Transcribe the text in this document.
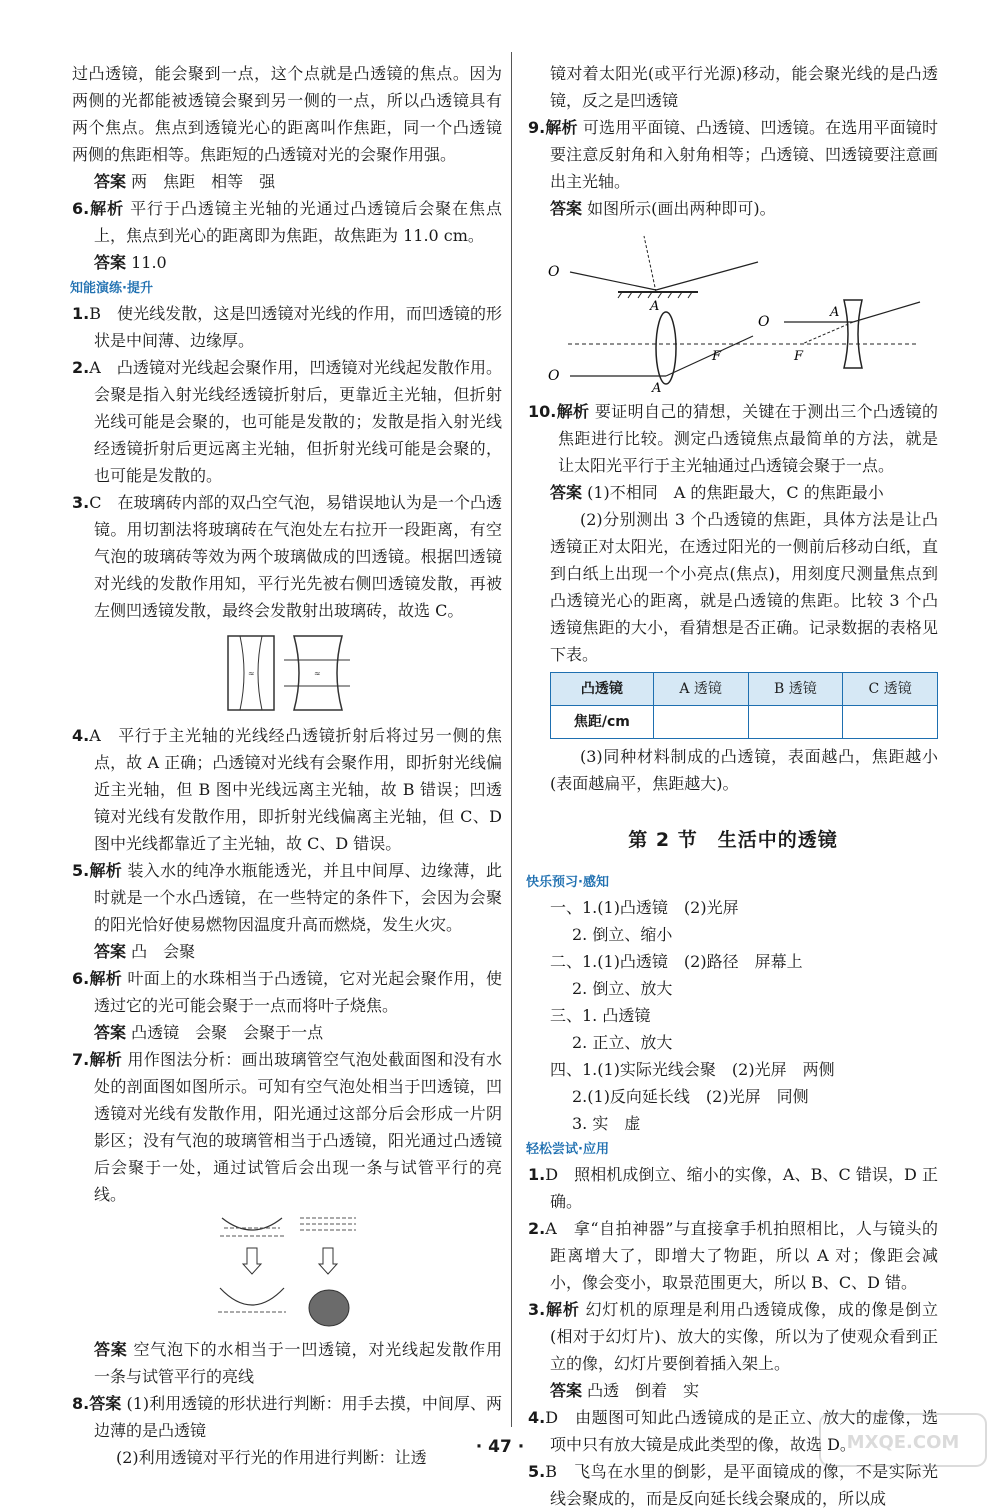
过凸透镜，能会聚到一点，这个点就是凸透镜的焦点。因为两侧的光都能被透镜会聚到另一侧的一点，所以凸透镜具有两个焦点。焦点到透镜光心的距离叫作焦距，同一个凸透镜两侧的焦距相等。焦距短的凸透镜对光的会聚作用强。

答案 两　焦距　相等　强

6.解析 平行于凸透镜主光轴的光通过凸透镜后会聚在焦点上，焦点到光心的距离即为焦距，故焦距为 11.0 cm。

答案 11.0

知能演练·提升

1.B　使光线发散，这是凹透镜对光线的作用，而凹透镜的形状是中间薄、边缘厚。

2.A　凸透镜对光线起会聚作用，凹透镜对光线起发散作用。会聚是指入射光线经透镜折射后，更靠近主光轴，但折射光线可能是会聚的，也可能是发散的；发散是指入射光线经透镜折射后更远离主光轴，但折射光线可能是会聚的，也可能是发散的。

3.C　在玻璃砖内部的双凸空气泡，易错误地认为是一个凸透镜。用切割法将玻璃砖在气泡处左右拉开一段距离，有空气泡的玻璃砖等效为两个玻璃做成的凹透镜。根据凹透镜对光线的发散作用知，平行光先被右侧凹透镜发散，再被左侧凹透镜发散，最终会发散射出玻璃砖，故选 C。

≈	≈

4.A　平行于主光轴的光线经凸透镜折射后将过另一侧的焦点，故 A 正确；凸透镜对光线有会聚作用，即折射光线偏近主光轴，但 B 图中光线远离主光轴，故 B 错误；凹透镜对光线有发散作用，即折射光线偏离主光轴，但 C、D 图中光线都靠近了主光轴，故 C、D 错误。

5.解析 装入水的纯净水瓶能透光，并且中间厚、边缘薄，此时就是一个水凸透镜，在一些特定的条件下，会因为会聚的阳光恰好使易燃物因温度升高而燃烧，发生火灾。

答案 凸　会聚

6.解析 叶面上的水珠相当于凸透镜，它对光起会聚作用，使透过它的光可能会聚于一点而将叶子烧焦。

答案 凸透镜　会聚　会聚于一点

7.解析 用作图法分析：画出玻璃管空气泡处截面图和没有水处的剖面图如图所示。可知有空气泡处相当于凹透镜，凹透镜对光线有发散作用，阳光通过这部分后会形成一片阴影区；没有气泡的玻璃管相当于凸透镜，阳光通过凸透镜后会聚于一处，通过试管后会出现一条与试管平行的亮线。

答案 空气泡下的水相当于一凹透镜，对光线起发散作用　一条与试管平行的亮线

8.答案 (1)利用透镜的形状进行判断：用手去摸，中间厚、两边薄的是凸透镜

(2)利用透镜对平行光的作用进行判断：让透

镜对着太阳光(或平行光源)移动，能会聚光线的是凸透镜，反之是凹透镜

9.解析 可选用平面镜、凸透镜、凹透镜。在选用平面镜时要注意反射角和入射角相等；凸透镜、凹透镜要注意画出主光轴。

答案 如图所示(画出两种即可)。

O
A
O
A
F
O
A
F

10.解析 要证明自己的猜想，关键在于测出三个凸透镜的焦距进行比较。测定凸透镜焦点最简单的方法，就是让太阳光平行于主光轴通过凸透镜会聚于一点。

答案 (1)不相同　A 的焦距最大，C 的焦距最小

(2)分别测出 3 个凸透镜的焦距，具体方法是让凸透镜正对太阳光，在透过阳光的一侧前后移动白纸，直到白纸上出现一个小亮点(焦点)，用刻度尺测量焦点到凸透镜光心的距离，就是凸透镜的焦距。比较 3 个凸透镜焦距的大小，看猜想是否正确。记录数据的表格见下表。

凸透镜	A 透镜	B 透镜	C 透镜
焦距/cm			

(3)同种材料制成的凸透镜，表面越凸，焦距越小(表面越扁平，焦距越大)。

第 2 节　生活中的透镜
快乐预习·感知

一、1.(1)凸透镜　(2)光屏

2. 倒立、缩小

二、1.(1)凸透镜　(2)路径　屏幕上

2. 倒立、放大

三、1. 凸透镜

2. 正立、放大

四、1.(1)实际光线会聚　(2)光屏　两侧

2.(1)反向延长线　(2)光屏　同侧

3. 实　虚

轻松尝试·应用

1.D　照相机成倒立、缩小的实像，A、B、C 错误，D 正确。

2.A　拿“自拍神器”与直接拿手机拍照相比，人与镜头的距离增大了，即增大了物距，所以 A 对；像距会减小，像会变小，取景范围更大，所以 B、C、D 错。

3.解析 幻灯机的原理是利用凸透镜成像，成的像是倒立(相对于幻灯片)、放大的实像，所以为了使观众看到正立的像，幻灯片要倒着插入架上。

答案 凸透　倒着　实

4.D　由题图可知此凸透镜成的是正立、放大的虚像，选项中只有放大镜是成此类型的像，故选 D。

5.B　飞鸟在水里的倒影，是平面镜成的像，不是实际光线会聚成的，而是反向延长线会聚成的，所以成

· 47 ·	MXQE.COM
